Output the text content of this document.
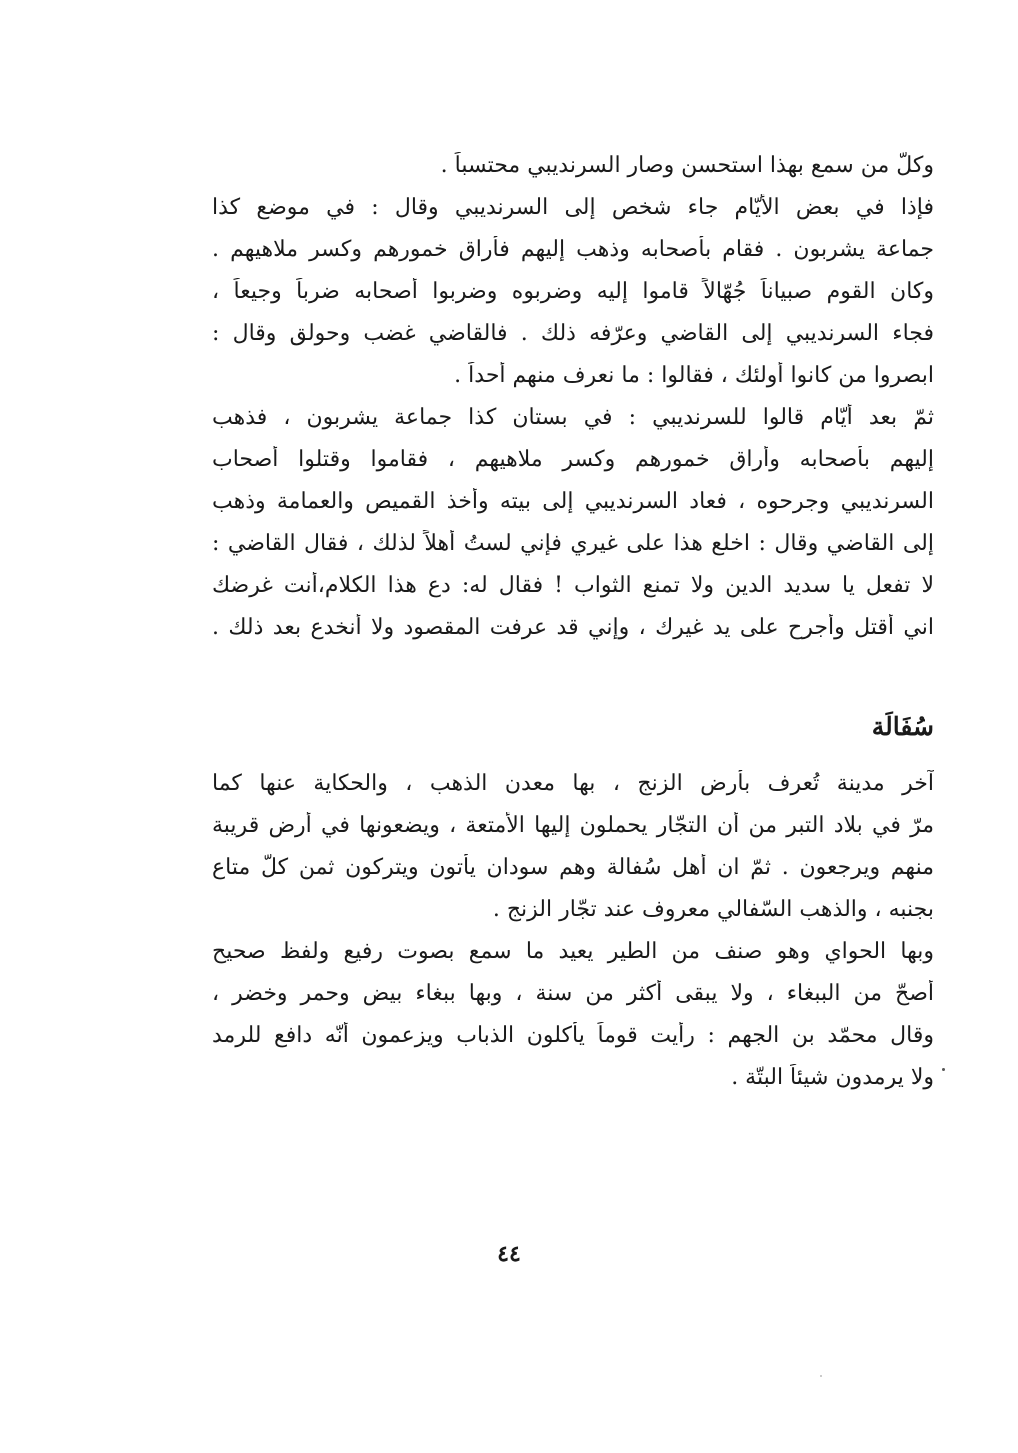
وكلّ من سمع بهذا استحسن وصار السرنديبي محتسباً .
فإذا في بعض الأيّام جاء شخص إلى السرنديبي وقال : في موضع كذا
جماعة يشربون . فقام بأصحابه وذهب إليهم فأراق خمورهم وكسر ملاهيهم .
وكان القوم صبياناً جُهّالاً قاموا إليه وضربوه وضربوا أصحابه ضرباً وجيعاً ،
فجاء السرنديبي إلى القاضي وعرّفه ذلك . فالقاضي غضب وحولق وقال :
ابصروا من كانوا أولئك ، فقالوا : ما نعرف منهم أحداً .
ثمّ بعد أيّام قالوا للسرنديبي : في بستان كذا جماعة يشربون ، فذهب
إليهم بأصحابه وأراق خمورهم وكسر ملاهيهم ، فقاموا وقتلوا أصحاب
السرنديبي وجرحوه ، فعاد السرنديبي إلى بيته وأخذ القميص والعمامة وذهب
إلى القاضي وقال : اخلع هذا على غيري فإني لستُ أهلاً لذلك ، فقال القاضي :
لا تفعل يا سديد الدين ولا تمنع الثواب ! فقال له: دع هذا الكلام،أنت غرضك
اني أقتل وأُجرح على يد غيرك ، وإني قد عرفت المقصود ولا أنخدع بعد ذلك .
سُفَالَة
آخر مدينة تُعرف بأرض الزنج ، بها معدن الذهب ، والحكاية عنها كما
مرّ في بلاد التبر من أن التجّار يحملون إليها الأمتعة ، ويضعونها في أرض قريبة
منهم ويرجعون . ثمّ ان أهل سُفالة وهم سودان يأتون ويتركون ثمن كلّ متاع
بجنبه ، والذهب السّفالي معروف عند تجّار الزنج .
وبها الحواي وهو صنف من الطير يعيد ما سمع بصوت رفيع ولفظ صحيح
أصحّ من الببغاء ، ولا يبقى أكثر من سنة ، وبها ببغاء بيض وحمر وخضر ،
وقال محمّد بن الجهم : رأيت قوماً يأكلون الذباب ويزعمون أنّه دافع للرمد
ولا يرمدون شيئاً البتّة .
٤٤
